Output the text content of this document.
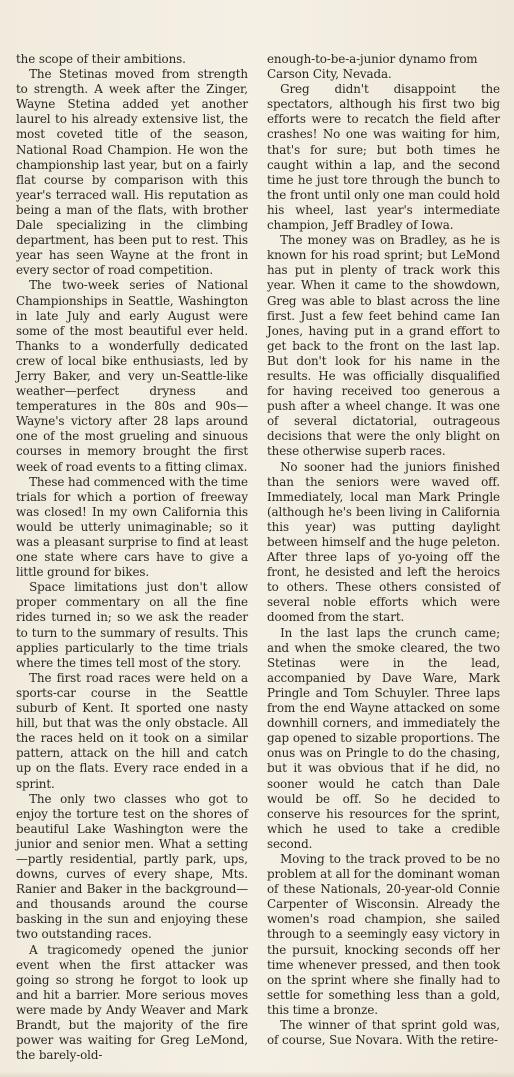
the scope of their ambitions.

The Stetinas moved from strength to strength. A week after the Zinger, Wayne Stetina added yet another laurel to his already extensive list, the most coveted title of the season, National Road Champion. He won the championship last year, but on a fairly flat course by comparison with this year's terraced wall. His reputation as being a man of the flats, with brother Dale specializing in the climbing department, has been put to rest. This year has seen Wayne at the front in every sector of road competition.

The two-week series of National Championships in Seattle, Washington in late July and early August were some of the most beautiful ever held. Thanks to a wonderfully dedicated crew of local bike enthusiasts, led by Jerry Baker, and very un-Seattle-like weather—perfect dryness and temperatures in the 80s and 90s—Wayne's victory after 28 laps around one of the most grueling and sinuous courses in memory brought the first week of road events to a fitting climax.

These had commenced with the time trials for which a portion of freeway was closed! In my own California this would be utterly unimaginable; so it was a pleasant surprise to find at least one state where cars have to give a little ground for bikes.

Space limitations just don't allow proper commentary on all the fine rides turned in; so we ask the reader to turn to the summary of results. This applies particularly to the time trials where the times tell most of the story.

The first road races were held on a sports-car course in the Seattle suburb of Kent. It sported one nasty hill, but that was the only obstacle. All the races held on it took on a similar pattern, attack on the hill and catch up on the flats. Every race ended in a sprint.

The only two classes who got to enjoy the torture test on the shores of beautiful Lake Washington were the junior and senior men. What a setting—partly residential, partly park, ups, downs, curves of every shape, Mts. Ranier and Baker in the background—and thousands around the course basking in the sun and enjoying these two outstanding races.

A tragicomedy opened the junior event when the first attacker was going so strong he forgot to look up and hit a barrier. More serious moves were made by Andy Weaver and Mark Brandt, but the majority of the fire power was waiting for Greg LeMond, the barely-old-

enough-to-be-a-junior dynamo from Carson City, Nevada.

Greg didn't disappoint the spectators, although his first two big efforts were to recatch the field after crashes! No one was waiting for him, that's for sure; but both times he caught within a lap, and the second time he just tore through the bunch to the front until only one man could hold his wheel, last year's intermediate champion, Jeff Bradley of Iowa.

The money was on Bradley, as he is known for his road sprint; but LeMond has put in plenty of track work this year. When it came to the showdown, Greg was able to blast across the line first. Just a few feet behind came Ian Jones, having put in a grand effort to get back to the front on the last lap. But don't look for his name in the results. He was officially disqualified for having received too generous a push after a wheel change. It was one of several dictatorial, outrageous decisions that were the only blight on these otherwise superb races.

No sooner had the juniors finished than the seniors were waved off. Immediately, local man Mark Pringle (although he's been living in California this year) was putting daylight between himself and the huge peleton. After three laps of yo-yoing off the front, he desisted and left the heroics to others. These others consisted of several noble efforts which were doomed from the start.

In the last laps the crunch came; and when the smoke cleared, the two Stetinas were in the lead, accompanied by Dave Ware, Mark Pringle and Tom Schuyler. Three laps from the end Wayne attacked on some downhill corners, and immediately the gap opened to sizable proportions. The onus was on Pringle to do the chasing, but it was obvious that if he did, no sooner would he catch than Dale would be off. So he decided to conserve his resources for the sprint, which he used to take a credible second.

Moving to the track proved to be no problem at all for the dominant woman of these Nationals, 20-year-old Connie Carpenter of Wisconsin. Already the women's road champion, she sailed through to a seemingly easy victory in the pursuit, knocking seconds off her time whenever pressed, and then took on the sprint where she finally had to settle for something less than a gold, this time a bronze.

The winner of that sprint gold was, of course, Sue Novara. With the retire-
